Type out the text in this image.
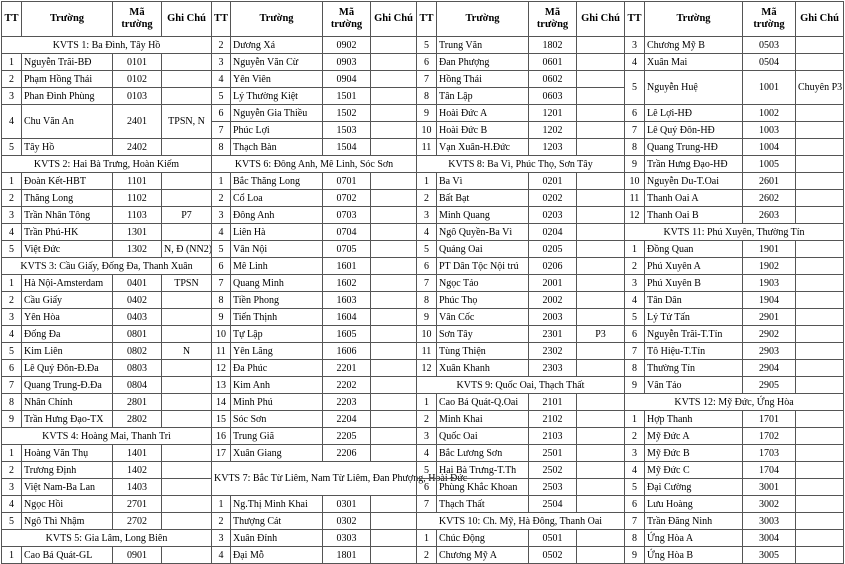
TT	Trường	Mã trường	Ghi Chú
KVTS 1: Ba Đình, Tây Hồ			
1	Nguyễn Trãi-BĐ	0101	
2	Phạm Hồng Thái	0102	
3	Phan Đình Phùng	0103	
4	Chu Văn An	2401	TPSN, N
5	Tây Hồ	2402	
KVTS 2: Hai Bà Trưng, Hoàn Kiếm			
1	Đoàn Kết-HBT	1101	
2	Thăng Long	1102	
3	Trần Nhân Tông	1103	P7
4	Trần Phú-HK	1301	
5	Việt Đức	1302	N, Đ (NN2)
KVTS 3: Cầu Giấy, Đống Đa, Thanh Xuân			
1	Hà Nội-Amsterdam	0401	TPSN
2	Cầu Giấy	0402	
3	Yên Hòa	0403	
4	Đống Đa	0801	
5	Kim Liên	0802	N
6	Lê Quý Đôn-Đ.Đa	0803	
7	Quang Trung-Đ.Đa	0804	
8	Nhân Chính	2801	
9	Trần Hưng Đạo-TX	2802	
KVTS 4: Hoàng Mai, Thanh Trì			
1	Hoàng Văn Thụ	1401	
2	Trương Định	1402	
3	Việt Nam-Ba Lan	1403	
4	Ngọc Hồi	2701	
5	Ngô Thì Nhậm	2702	
KVTS 5: Gia Lâm, Long Biên			
1	Cao Bá Quát-GL	0901	
TT	Trường	Mã trường	Ghi Chú
2	Dương Xá	0902	
3	Nguyễn Văn Cừ	0903	
4	Yên Viên	0904	
5	Lý Thường Kiệt	1501	
6	Nguyễn Gia Thiều	1502	
7	Phúc Lợi	1503	
8	Thạch Bàn	1504	
KVTS 6: Đông Anh, Mê Linh, Sóc Sơn			
1	Bắc Thăng Long	0701	
2	Cổ Loa	0702	
3	Đông Anh	0703	
4	Liên Hà	0704	
5	Vân Nội	0705	
6	Mê Linh	1601	
7	Quang Minh	1602	
8	Tiền Phong	1603	
9	Tiến Thịnh	1604	
10	Tự Lập	1605	
11	Yên Lãng	1606	
12	Đa Phúc	2201	
13	Kim Anh	2202	
14	Minh Phú	2203	
15	Sóc Sơn	2204	
16	Trung Giã	2205	
17	Xuân Giang	2206	
KVTS 7: Bắc Từ Liêm, Nam Từ Liêm, Đan Phượng, Hoài Đức			
1	Ng.Thị Minh Khai	0301	
2	Thượng Cát	0302	
3	Xuân Đỉnh	0303	
4	Đại Mỗ	1801	
TT	Trường	Mã trường	Ghi Chú
5	Trung Văn	1802	
6	Đan Phượng	0601	
7	Hồng Thái	0602	
8	Tân Lập	0603	
9	Hoài Đức A	1201	
10	Hoài Đức B	1202	
11	Vạn Xuân-H.Đức	1203	
KVTS 8: Ba Vì, Phúc Thọ, Sơn Tây			
1	Ba Vì	0201	
2	Bất Bạt	0202	
3	Minh Quang	0203	
4	Ngô Quyền-Ba Vì	0204	
5	Quảng Oai	0205	
6	PT Dân Tộc Nội trú	0206	
7	Ngọc Tảo	2001	
8	Phúc Thọ	2002	
9	Vân Cốc	2003	
10	Sơn Tây	2301	P3
11	Tùng Thiện	2302	
12	Xuân Khanh	2303	
KVTS 9: Quốc Oai, Thạch Thất			
1	Cao Bá Quát-Q.Oai	2101	
2	Minh Khai	2102	
3	Quốc Oai	2103	
4	Bắc Lương Sơn	2501	
5	Hai Bà Trưng-T.Th	2502	
6	Phùng Khắc Khoan	2503	
7	Thạch Thất	2504	
KVTS 10: Ch. Mỹ, Hà Đông, Thanh Oai			
1	Chúc Động	0501	
2	Chương Mỹ A	0502	
TT	Trường	Mã trường	Ghi Chú
3	Chương Mỹ B	0503	
4	Xuân Mai	0504	
5	Nguyễn Huệ	1001	Chuyên P3
6	Lê Lợi-HĐ	1002	
7	Lê Quý Đôn-HĐ	1003	
8	Quang Trung-HĐ	1004	
9	Trần Hưng Đạo-HĐ	1005	
10	Nguyễn Du-T.Oai	2601	
11	Thanh Oai A	2602	
12	Thanh Oai B	2603	
KVTS 11: Phú Xuyên, Thường Tín			
1	Đồng Quan	1901	
2	Phú Xuyên A	1902	
3	Phú Xuyên B	1903	
4	Tân Dân	1904	
5	Lý Tử Tấn	2901	
6	Nguyễn Trãi-T.Tín	2902	
7	Tô Hiệu-T.Tín	2903	
8	Thường Tín	2904	
9	Vân Tảo	2905	
KVTS 12: Mỹ Đức, Ứng Hòa			
1	Hợp Thanh	1701	
2	Mỹ Đức A	1702	
3	Mỹ Đức B	1703	
4	Mỹ Đức C	1704	
5	Đại Cường	3001	
6	Lưu Hoàng	3002	
7	Trần Đăng Ninh	3003	
8	Ứng Hòa A	3004	
9	Ứng Hòa B	3005	
